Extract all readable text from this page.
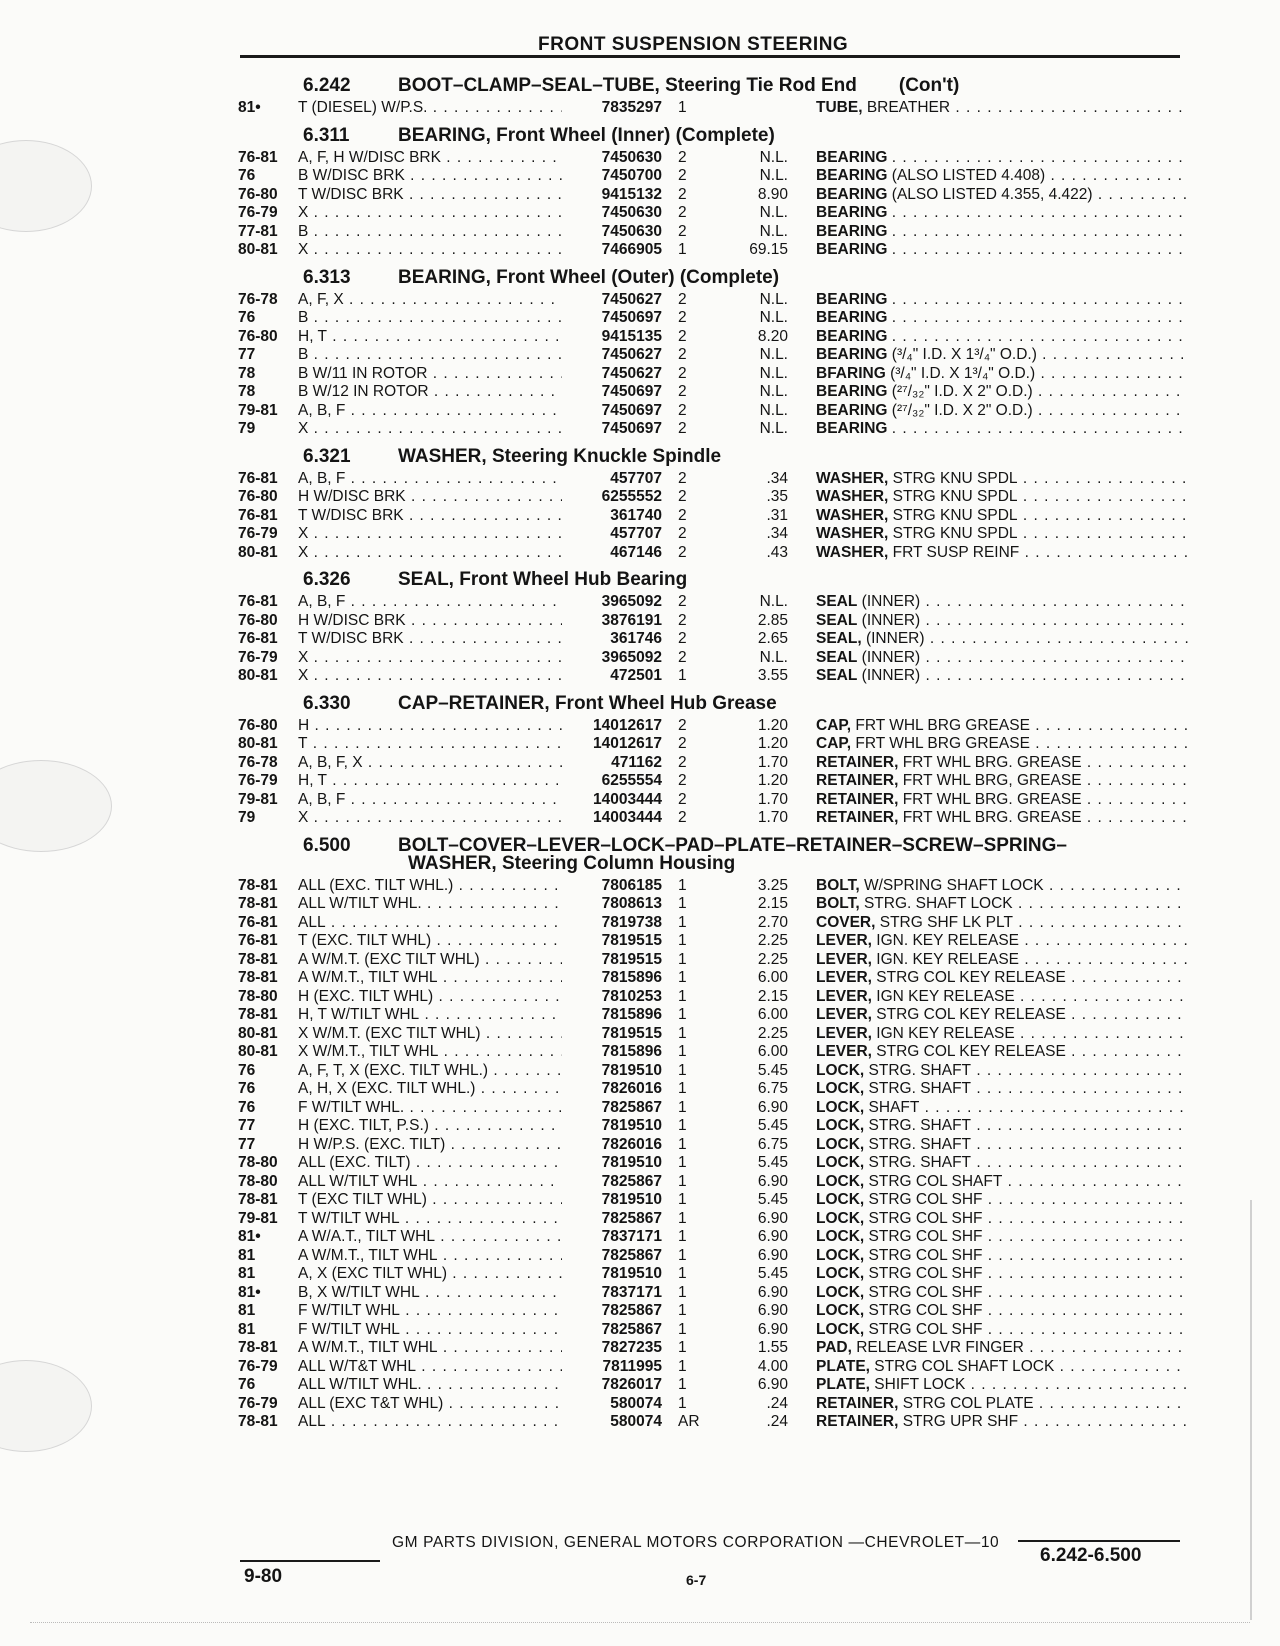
FRONT SUSPENSION STEERING
6.242	BOOT–CLAMP–SEAL–TUBE, Steering Tie Rod End	(Con't)
81•	T (DIESEL) W/P.S. . . .	7835297	1	TUBE, BREATHER . . .
6.311	BEARING, Front Wheel (Inner) (Complete)
76-81	A, F, H W/DISC BRK . . .	7450630	2	N.L.	BEARING . . .
76	B W/DISC BRK . . .	7450700	2	N.L.	BEARING (ALSO LISTED 4.408) . . .
76-80	T W/DISC BRK . . .	9415132	2	8.90	BEARING (ALSO LISTED 4.355, 4.422) . . .
76-79	X . . .	7450630	2	N.L.	BEARING . . .
77-81	B . . .	7450630	2	N.L.	BEARING . . .
80-81	X . . .	7466905	1	69.15	BEARING . . .
6.313	BEARING, Front Wheel (Outer) (Complete)
76-78	A, F, X . . .	7450627	2	N.L.	BEARING . . .
76	B . . .	7450697	2	N.L.	BEARING . . .
76-80	H, T . . .	9415135	2	8.20	BEARING . . .
77	B . . .	7450627	2	N.L.	BEARING (³/₄" I.D. X 1³/₄" O.D.) . . .
78	B W/11 IN ROTOR . . .	7450627	2	N.L.	BFARING (³/₄" I.D. X 1³/₄" O.D.) . . .
78	B W/12 IN ROTOR . . .	7450697	2	N.L.	BEARING (²⁷/₃₂" I.D. X 2" O.D.) . . .
79-81	A, B, F . . .	7450697	2	N.L.	BEARING (²⁷/₃₂" I.D. X 2" O.D.) . . .
79	X . . .	7450697	2	N.L.	BEARING . . .
6.321	WASHER, Steering Knuckle Spindle
76-81	A, B, F . . .	457707	2	.34	WASHER, STRG KNU SPDL . . .
76-80	H W/DISC BRK . . .	6255552	2	.35	WASHER, STRG KNU SPDL . . .
76-81	T W/DISC BRK . . .	361740	2	.31	WASHER, STRG KNU SPDL . . .
76-79	X . . .	457707	2	.34	WASHER, STRG KNU SPDL . . .
80-81	X . . .	467146	2	.43	WASHER, FRT SUSP REINF . . .
6.326	SEAL, Front Wheel Hub Bearing
76-81	A, B, F . . .	3965092	2	N.L.	SEAL (INNER) . . .
76-80	H W/DISC BRK . . .	3876191	2	2.85	SEAL (INNER) . . .
76-81	T W/DISC BRK . . .	361746	2	2.65	SEAL, (INNER) . . .
76-79	X . . .	3965092	2	N.L.	SEAL (INNER) . . .
80-81	X . . .	472501	1	3.55	SEAL (INNER) . . .
6.330	CAP–RETAINER, Front Wheel Hub Grease
76-80	H . . .	14012617	2	1.20	CAP, FRT WHL BRG GREASE . . .
80-81	T . . .	14012617	2	1.20	CAP, FRT WHL BRG GREASE . . .
76-78	A, B, F, X . . .	471162	2	1.70	RETAINER, FRT WHL BRG. GREASE . . .
76-79	H, T . . .	6255554	2	1.20	RETAINER, FRT WHL BRG, GREASE . . .
79-81	A, B, F . . .	14003444	2	1.70	RETAINER, FRT WHL BRG. GREASE . . .
79	X . . .	14003444	2	1.70	RETAINER, FRT WHL BRG. GREASE . . .
6.500	BOLT–COVER–LEVER–LOCK–PAD–PLATE–RETAINER–SCREW–SPRING–
WASHER, Steering Column Housing
78-81	ALL (EXC. TILT WHL.) . . .	7806185	1	3.25	BOLT, W/SPRING SHAFT LOCK . . .
78-81	ALL W/TILT WHL. . . .	7808613	1	2.15	BOLT, STRG. SHAFT LOCK . . .
76-81	ALL . . .	7819738	1	2.70	COVER, STRG SHF LK PLT . . .
76-81	T (EXC. TILT WHL) . . .	7819515	1	2.25	LEVER, IGN. KEY RELEASE . . .
78-81	A W/M.T. (EXC TILT WHL) . . .	7819515	1	2.25	LEVER, IGN. KEY RELEASE . . .
78-81	A W/M.T., TILT WHL . . .	7815896	1	6.00	LEVER, STRG COL KEY RELEASE . . .
78-80	H (EXC. TILT WHL) . . .	7810253	1	2.15	LEVER, IGN KEY RELEASE . . .
78-81	H, T W/TILT WHL . . .	7815896	1	6.00	LEVER, STRG COL KEY RELEASE . . .
80-81	X W/M.T. (EXC TILT WHL) . . .	7819515	1	2.25	LEVER, IGN KEY RELEASE . . .
80-81	X W/M.T., TILT WHL . . .	7815896	1	6.00	LEVER, STRG COL KEY RELEASE . . .
76	A, F, T, X (EXC. TILT WHL.) . . .	7819510	1	5.45	LOCK, STRG. SHAFT . . .
76	A, H, X (EXC. TILT WHL.) . . .	7826016	1	6.75	LOCK, STRG. SHAFT . . .
76	F W/TILT WHL. . . .	7825867	1	6.90	LOCK, SHAFT . . .
77	H (EXC. TILT, P.S.) . . .	7819510	1	5.45	LOCK, STRG. SHAFT . . .
77	H W/P.S. (EXC. TILT) . . .	7826016	1	6.75	LOCK, STRG. SHAFT . . .
78-80	ALL (EXC. TILT) . . .	7819510	1	5.45	LOCK, STRG. SHAFT . . .
78-80	ALL W/TILT WHL . . .	7825867	1	6.90	LOCK, STRG COL SHAFT . . .
78-81	T (EXC TILT WHL) . . .	7819510	1	5.45	LOCK, STRG COL SHF . . .
79-81	T W/TILT WHL . . .	7825867	1	6.90	LOCK, STRG COL SHF . . .
81•	A W/A.T., TILT WHL . . .	7837171	1	6.90	LOCK, STRG COL SHF . . .
81	A W/M.T., TILT WHL . . .	7825867	1	6.90	LOCK, STRG COL SHF . . .
81	A, X (EXC TILT WHL) . . .	7819510	1	5.45	LOCK, STRG COL SHF . . .
81•	B, X W/TILT WHL . . .	7837171	1	6.90	LOCK, STRG COL SHF . . .
81	F W/TILT WHL . . .	7825867	1	6.90	LOCK, STRG COL SHF . . .
81	F W/TILT WHL . . .	7825867	1	6.90	LOCK, STRG COL SHF . . .
78-81	A W/M.T., TILT WHL . . .	7827235	1	1.55	PAD, RELEASE LVR FINGER . . .
76-79	ALL W/T&T WHL . . .	7811995	1	4.00	PLATE, STRG COL SHAFT LOCK . . .
76	ALL W/TILT WHL. . . .	7826017	1	6.90	PLATE, SHIFT LOCK . . .
76-79	ALL (EXC T&T WHL) . . .	580074	1	.24	RETAINER, STRG COL PLATE . . .
78-81	ALL . . .	580074	AR	.24	RETAINER, STRG UPR SHF . . .
GM PARTS DIVISION, GENERAL MOTORS CORPORATION —CHEVROLET—10
9-80	6-7
6.242-6.500
